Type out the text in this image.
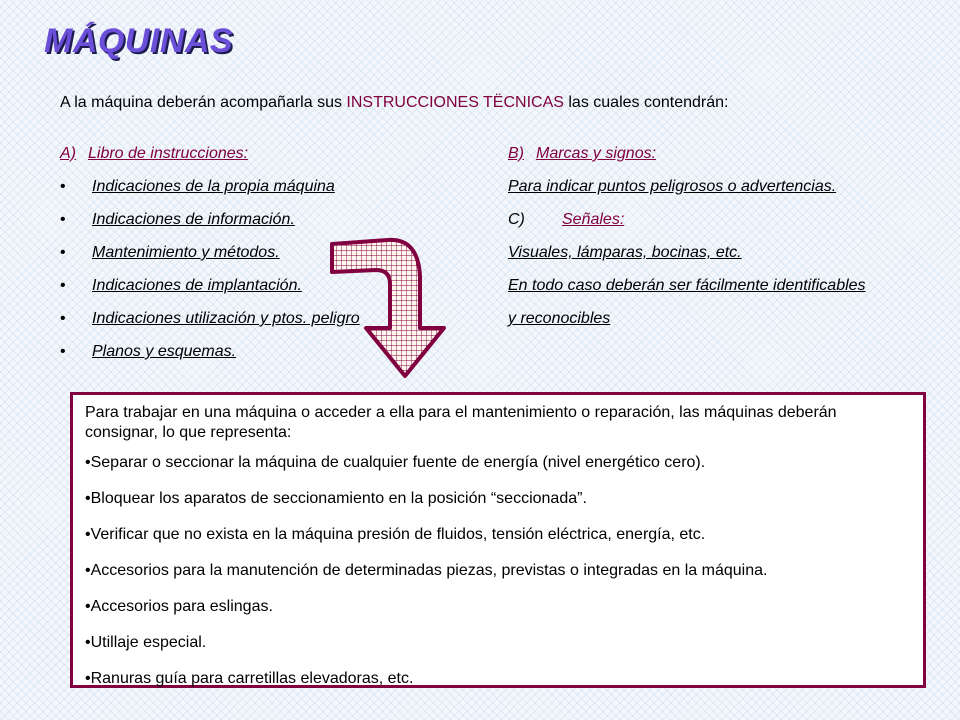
MÁQUINAS
A la máquina deberán acompañarla sus INSTRUCCIONES TËCNICAS las cuales contendrán:
A) Libro de instrucciones:
• Indicaciones de la propia máquina
• Indicaciones de información.
• Mantenimiento y métodos.
• Indicaciones de implantación.
• Indicaciones utilización y ptos. peligro
• Planos y esquemas.
B) Marcas y signos:
Para indicar puntos peligrosos o advertencias.
C) Señales:
Visuales, lámparas, bocinas, etc.
En todo caso deberán ser fácilmente identificables
y reconocibles
Para trabajar en una máquina o acceder a ella para el mantenimiento o reparación, las máquinas deberán consignar, lo que representa:
•Separar o seccionar la máquina de cualquier fuente de energía (nivel energético cero).
•Bloquear los aparatos de seccionamiento en la posición “seccionada”.
•Verificar que no exista en la máquina presión de fluidos, tensión eléctrica, energía, etc.
•Accesorios para la manutención de determinadas piezas, previstas o integradas en la máquina.
•Accesorios para eslingas.
•Utillaje especial.
•Ranuras guía para carretillas elevadoras, etc.
